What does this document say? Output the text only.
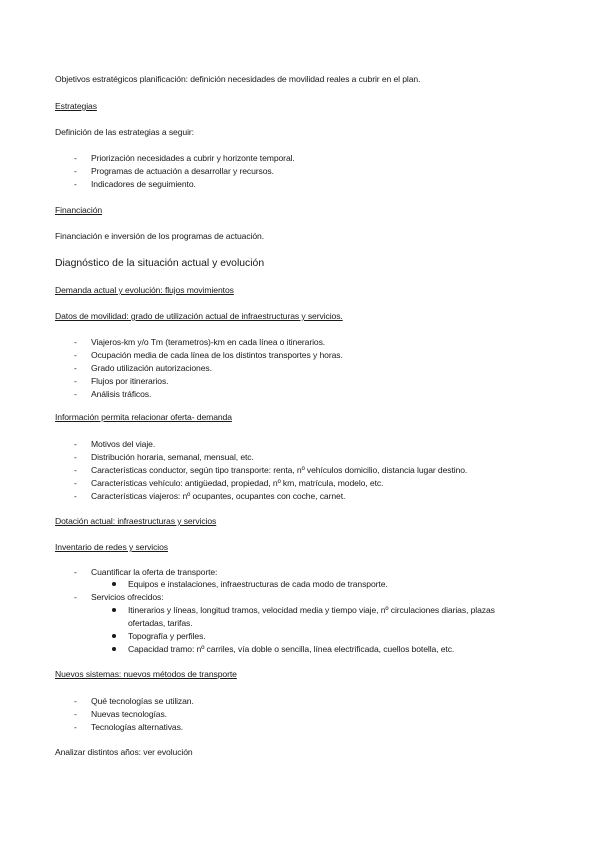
Objetivos estratégicos planificación: definición necesidades de movilidad reales a cubrir en el plan.
Estrategias
Definición de las estrategias a seguir:
- Priorización necesidades a cubrir y horizonte temporal.
- Programas de actuación a desarrollar y recursos.
- Indicadores de seguimiento.
Financiación
Financiación e inversión de los programas de actuación.
Diagnóstico de la situación actual y evolución
Demanda actual y evolución: flujos movimientos
Datos de movilidad: grado de utilización actual de infraestructuras y servicios.
- Viajeros-km y/o Tm (terametros)-km en cada línea o itinerarios.
- Ocupación media de cada línea de los distintos transportes y horas.
- Grado utilización autorizaciones.
- Flujos por itinerarios.
- Análisis tráficos.
Información permita relacionar oferta- demanda
- Motivos del viaje.
- Distribución horaria, semanal, mensual, etc.
- Características conductor, según tipo transporte: renta, nº vehículos domicilio, distancia lugar destino.
- Características vehículo: antigüedad, propiedad, nº km, matrícula, modelo, etc.
- Características viajeros: nº ocupantes, ocupantes con coche, carnet.
Dotación actual: infraestructuras y servicios
Inventario de redes y servicios
- Cuantificar la oferta de transporte:
Equipos e instalaciones, infraestructuras de cada modo de transporte.
- Servicios ofrecidos:
Itinerarios y líneas, longitud tramos, velocidad media y tiempo viaje, nº circulaciones diarias, plazas
ofertadas, tarifas.
Topografía y perfiles.
Capacidad tramo: nº carriles, vía doble o sencilla, línea electrificada, cuellos botella, etc.
Nuevos sistemas: nuevos métodos de transporte
- Qué tecnologías se utilizan.
- Nuevas tecnologías.
- Tecnologías alternativas.
Analizar distintos años: ver evolución
